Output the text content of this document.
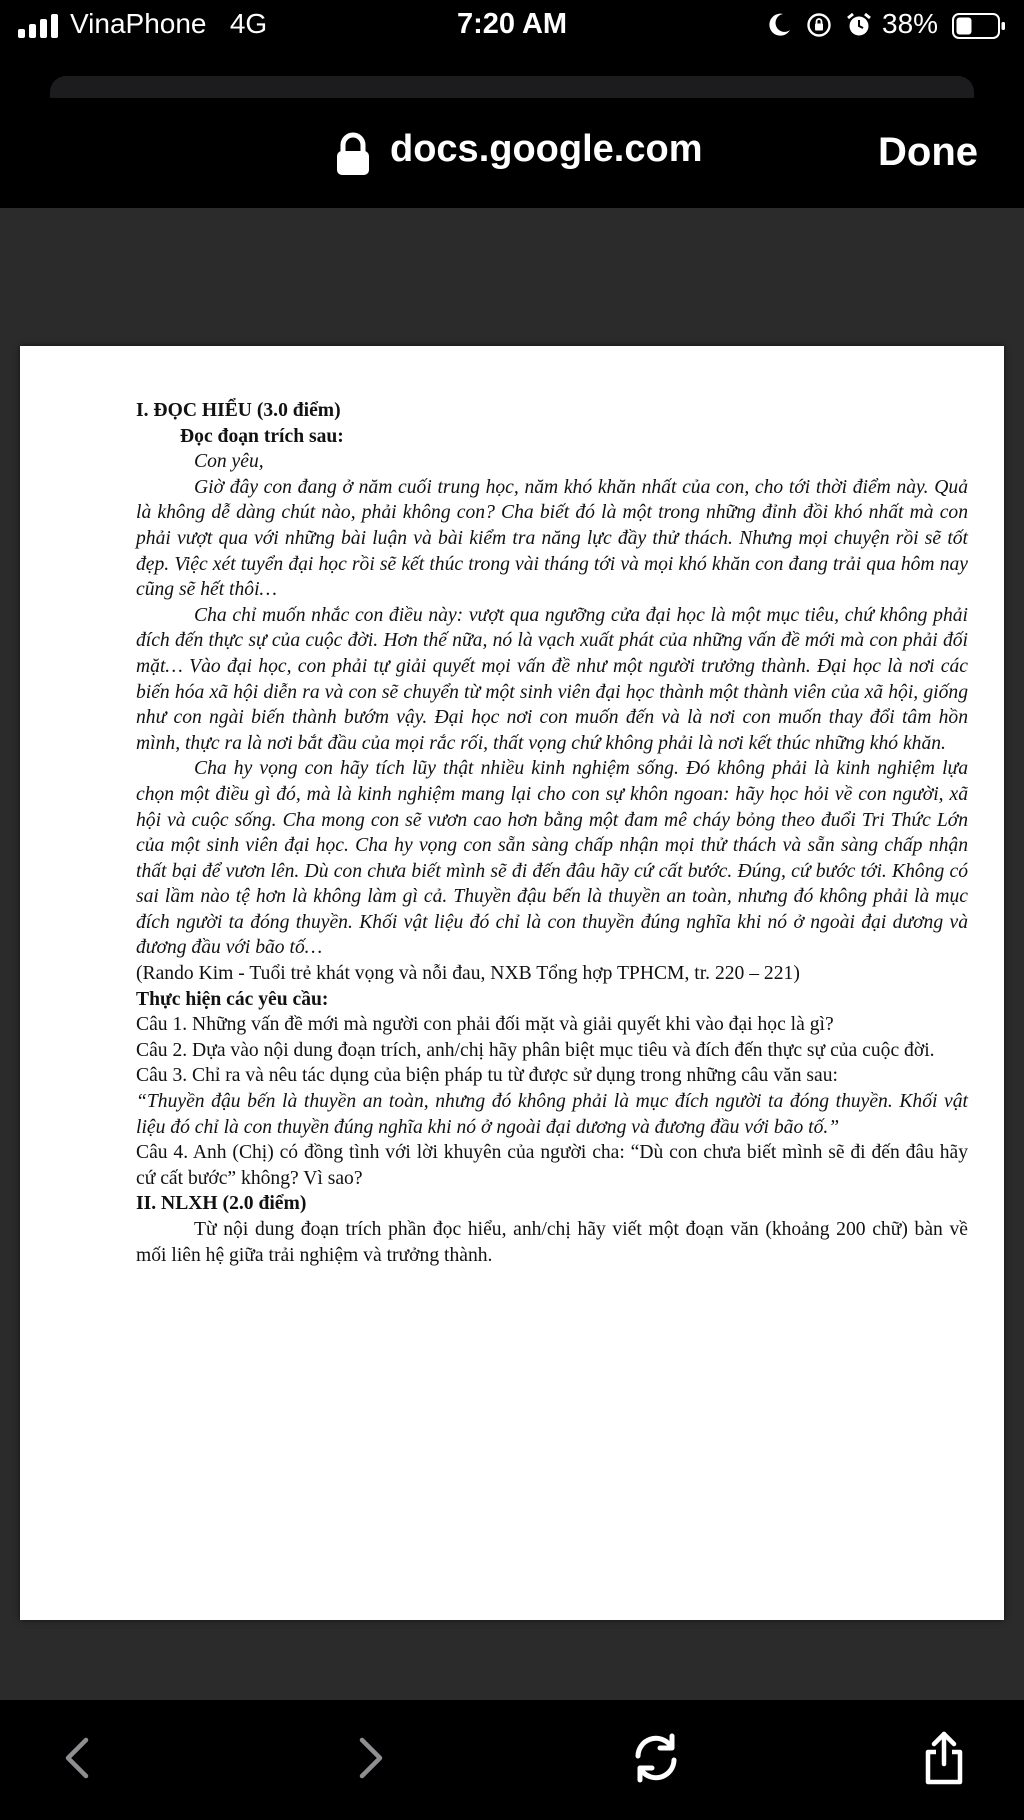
VinaPhone 4G	7:20 AM	38%
docs.google.com	Done

I. ĐỌC HIỂU (3.0 điểm)

Đọc đoạn trích sau:

Con yêu,

Giờ đây con đang ở năm cuối trung học, năm khó khăn nhất của con, cho tới thời điểm này. Quả là không dễ dàng chút nào, phải không con? Cha biết đó là một trong những đỉnh đồi khó nhất mà con phải vượt qua với những bài luận và bài kiểm tra năng lực đầy thử thách. Nhưng mọi chuyện rồi sẽ tốt đẹp. Việc xét tuyển đại học rồi sẽ kết thúc trong vài tháng tới và mọi khó khăn con đang trải qua hôm nay cũng sẽ hết thôi…

Cha chỉ muốn nhắc con điều này: vượt qua ngưỡng cửa đại học là một mục tiêu, chứ không phải đích đến thực sự của cuộc đời. Hơn thế nữa, nó là vạch xuất phát của những vấn đề mới mà con phải đối mặt… Vào đại học, con phải tự giải quyết mọi vấn đề như một người trưởng thành. Đại học là nơi các biến hóa xã hội diễn ra và con sẽ chuyển từ một sinh viên đại học thành một thành viên của xã hội, giống như con ngài biến thành bướm vậy. Đại học nơi con muốn đến và là nơi con muốn thay đổi tâm hồn mình, thực ra là nơi bắt đầu của mọi rắc rối, thất vọng chứ không phải là nơi kết thúc những khó khăn.

Cha hy vọng con hãy tích lũy thật nhiều kinh nghiệm sống. Đó không phải là kinh nghiệm lựa chọn một điều gì đó, mà là kinh nghiệm mang lại cho con sự khôn ngoan: hãy học hỏi về con người, xã hội và cuộc sống. Cha mong con sẽ vươn cao hơn bằng một đam mê cháy bỏng theo đuổi Tri Thức Lớn của một sinh viên đại học. Cha hy vọng con sẵn sàng chấp nhận mọi thử thách và sẵn sàng chấp nhận thất bại để vươn lên. Dù con chưa biết mình sẽ đi đến đâu hãy cứ cất bước. Đúng, cứ bước tới. Không có sai lầm nào tệ hơn là không làm gì cả. Thuyền đậu bến là thuyền an toàn, nhưng đó không phải là mục đích người ta đóng thuyền. Khối vật liệu đó chỉ là con thuyền đúng nghĩa khi nó ở ngoài đại dương và đương đầu với bão tố…

(Rando Kim - Tuổi trẻ khát vọng và nỗi đau, NXB Tổng hợp TPHCM, tr. 220 – 221)

Thực hiện các yêu cầu:

Câu 1. Những vấn đề mới mà người con phải đối mặt và giải quyết khi vào đại học là gì?

Câu 2. Dựa vào nội dung đoạn trích, anh/chị hãy phân biệt mục tiêu và đích đến thực sự của cuộc đời.

Câu 3. Chỉ ra và nêu tác dụng của biện pháp tu từ được sử dụng trong những câu văn sau:

“Thuyền đậu bến là thuyền an toàn, nhưng đó không phải là mục đích người ta đóng thuyền. Khối vật liệu đó chỉ là con thuyền đúng nghĩa khi nó ở ngoài đại dương và đương đầu với bão tố.”

Câu 4. Anh (Chị) có đồng tình với lời khuyên của người cha: “Dù con chưa biết mình sẽ đi đến đâu hãy cứ cất bước” không? Vì sao?

II. NLXH (2.0 điểm)

Từ nội dung đoạn trích phần đọc hiểu, anh/chị hãy viết một đoạn văn (khoảng 200 chữ) bàn về mối liên hệ giữa trải nghiệm và trưởng thành.
